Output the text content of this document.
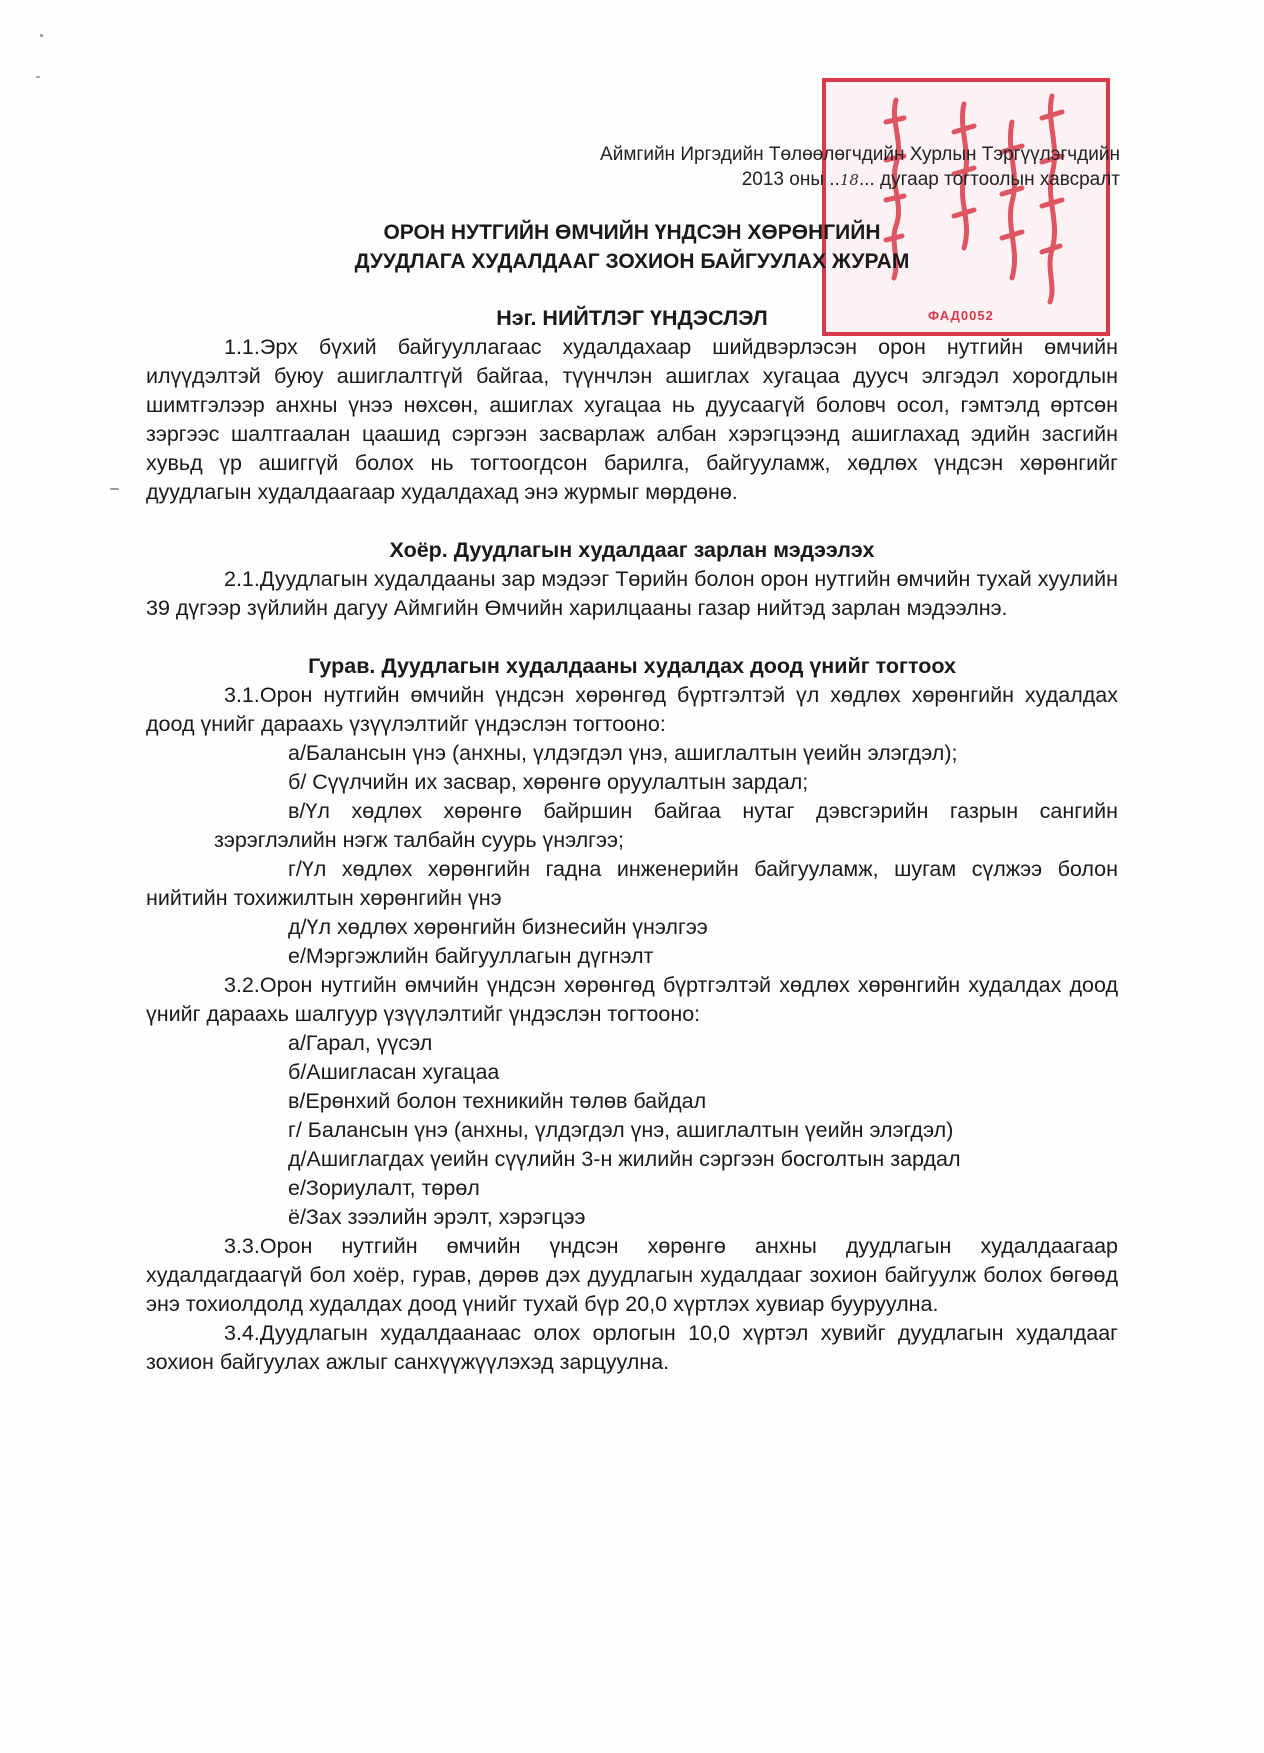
ФАД0052
Аймгийн Иргэдийн Төлөөлөгчдийн Хурлын Тэргүүлэгчдийн
2013 оны ..18... дугаар тогтоолын хавсралт
ОРОН НУТГИЙН ӨМЧИЙН ҮНДСЭН ХӨРӨНГИЙН
ДУУДЛАГА ХУДАЛДААГ ЗОХИОН БАЙГУУЛАХ ЖУРАМ

Нэг. НИЙТЛЭГ ҮНДЭСЛЭЛ

1.1.Эрх бүхий байгууллагаас худалдахаар шийдвэрлэсэн орон нутгийн өмчийн илүүдэлтэй буюу ашиглалтгүй байгаа, түүнчлэн ашиглах хугацаа дуусч элгэдэл хорогдлын шимтгэлээр анхны үнээ нөхсөн, ашиглах хугацаа нь дуусаагүй боловч осол, гэмтэлд өртсөн зэргээс шалтгаалан цаашид сэргээн засварлаж албан хэрэгцээнд ашиглахад эдийн засгийн хувьд үр ашиггүй болох нь тогтоогдсон барилга, байгууламж, хөдлөх үндсэн хөрөнгийг дуудлагын худалдаагаар худалдахад энэ журмыг мөрдөнө.

Хоёр. Дуудлагын худалдааг зарлан мэдээлэх

2.1.Дуудлагын худалдааны зар мэдээг Төрийн болон орон нутгийн өмчийн тухай хуулийн 39 дүгээр зүйлийн дагуу Аймгийн Өмчийн харилцааны газар нийтэд зарлан мэдээлнэ.

Гурав. Дуудлагын худалдааны худалдах доод үнийг тогтоох

3.1.Орон нутгийн өмчийн үндсэн хөрөнгөд бүртгэлтэй үл хөдлөх хөрөнгийн худалдах доод үнийг дараахь үзүүлэлтийг үндэслэн тогтооно:

а/Балансын үнэ (анхны, үлдэгдэл үнэ, ашиглалтын үеийн элэгдэл);

б/ Сүүлчийн их засвар, хөрөнгө оруулалтын зардал;

в/Үл хөдлөх хөрөнгө байршин байгаа нутаг дэвсгэрийн газрын сангийн зэрэглэлийн нэгж талбайн суурь үнэлгээ;

г/Үл хөдлөх хөрөнгийн гадна инженерийн байгууламж, шугам сүлжээ болон нийтийн тохижилтын хөрөнгийн үнэ

д/Үл хөдлөх хөрөнгийн бизнесийн үнэлгээ

е/Мэргэжлийн байгууллагын дүгнэлт

3.2.Орон нутгийн өмчийн үндсэн хөрөнгөд бүртгэлтэй хөдлөх хөрөнгийн худалдах доод үнийг дараахь шалгуур үзүүлэлтийг үндэслэн тогтооно:

а/Гарал, үүсэл

б/Ашигласан хугацаа

в/Ерөнхий болон техникийн төлөв байдал

г/ Балансын үнэ (анхны, үлдэгдэл үнэ, ашиглалтын үеийн элэгдэл)

д/Ашиглагдах үеийн сүүлийн 3-н жилийн сэргээн босголтын зардал

е/Зориулалт, төрөл

ё/Зах зээлийн эрэлт, хэрэгцээ

3.3.Орон нутгийн өмчийн үндсэн хөрөнгө анхны дуудлагын худалдаагаар худалдагдаагүй бол хоёр, гурав, дөрөв дэх дуудлагын худалдааг зохион байгуулж болох бөгөөд энэ тохиолдолд худалдах доод үнийг тухай бүр 20,0 хүртлэх хувиар бууруулна.

3.4.Дуудлагын худалдаанаас олох орлогын 10,0 хүртэл хувийг дуудлагын худалдааг зохион байгуулах ажлыг санхүүжүүлэхэд зарцуулна.
